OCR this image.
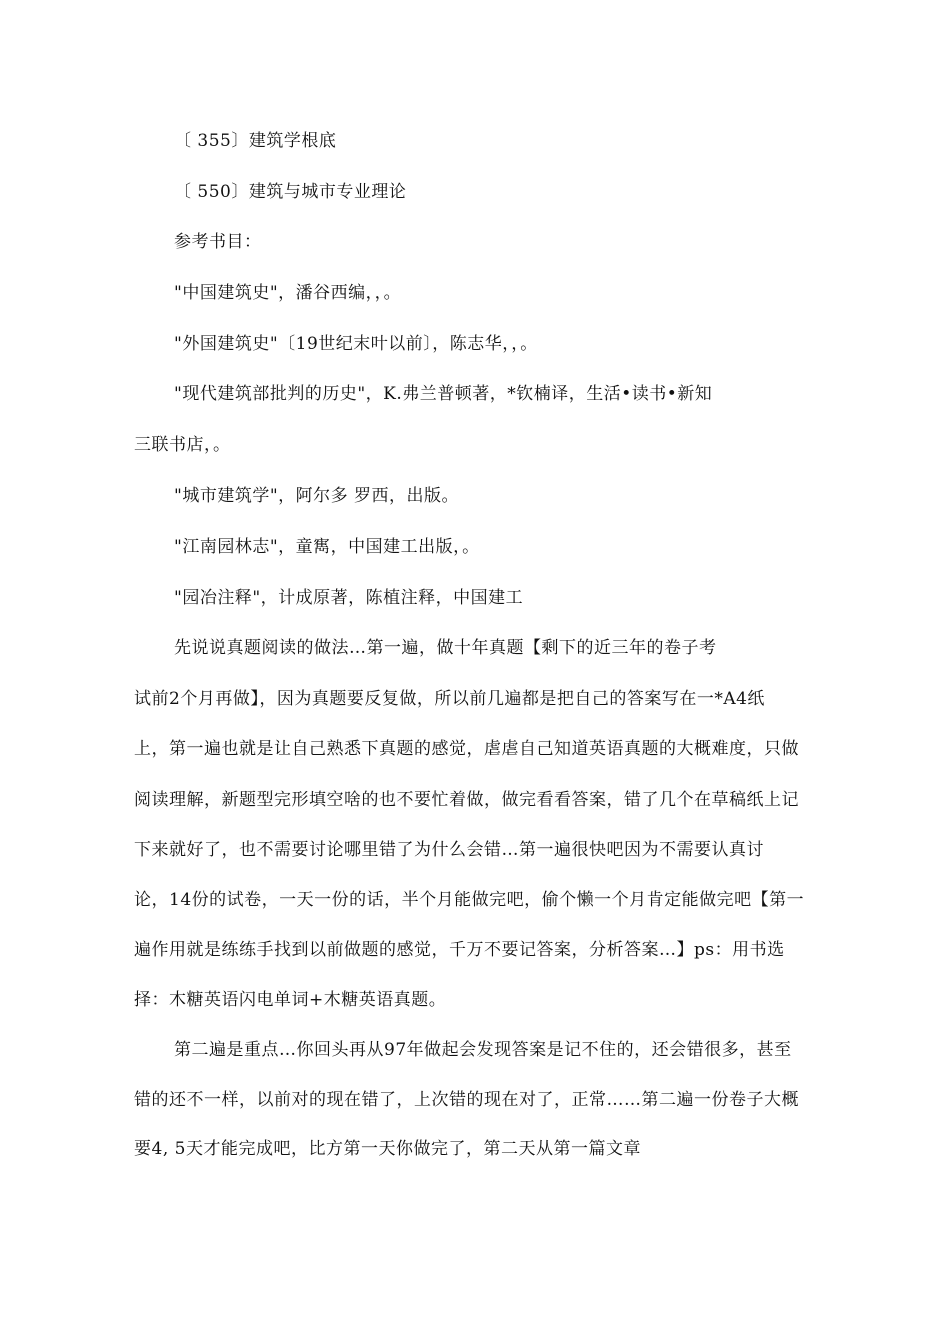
〔 355〕建筑学根底
〔 550〕建筑与城市专业理论
参考书目：
"中国建筑史"，潘谷西编，，。
"外国建筑史"〔19世纪末叶以前〕，陈志华，，。
"现代建筑部批判的历史"，K.弗兰普顿著，*钦楠译，生活•读书•新知
三联书店，。
"城市建筑学"，阿尔多 罗西，出版。
"江南园林志"，童寯，中国建工出版，。
"园冶注释"，计成原著，陈植注释，中国建工
先说说真题阅读的做法…第一遍，做十年真题【剩下的近三年的卷子考
试前2个月再做】，因为真题要反复做，所以前几遍都是把自己的答案写在一*A4纸
上，第一遍也就是让自己熟悉下真题的感觉，虐虐自己知道英语真题的大概难度，只做
阅读理解，新题型完形填空啥的也不要忙着做，做完看看答案，错了几个在草稿纸上记
下来就好了，也不需要讨论哪里错了为什么会错…第一遍很快吧因为不需要认真讨
论，14份的试卷，一天一份的话，半个月能做完吧，偷个懒一个月肯定能做完吧【第一
遍作用就是练练手找到以前做题的感觉，千万不要记答案，分析答案…】ps：用书选
择：木糖英语闪电单词+木糖英语真题。
第二遍是重点…你回头再从97年做起会发现答案是记不住的，还会错很多，甚至
错的还不一样，以前对的现在错了，上次错的现在对了，正常……第二遍一份卷子大概
要4, 5天才能完成吧，比方第一天你做完了，第二天从第一篇文章
